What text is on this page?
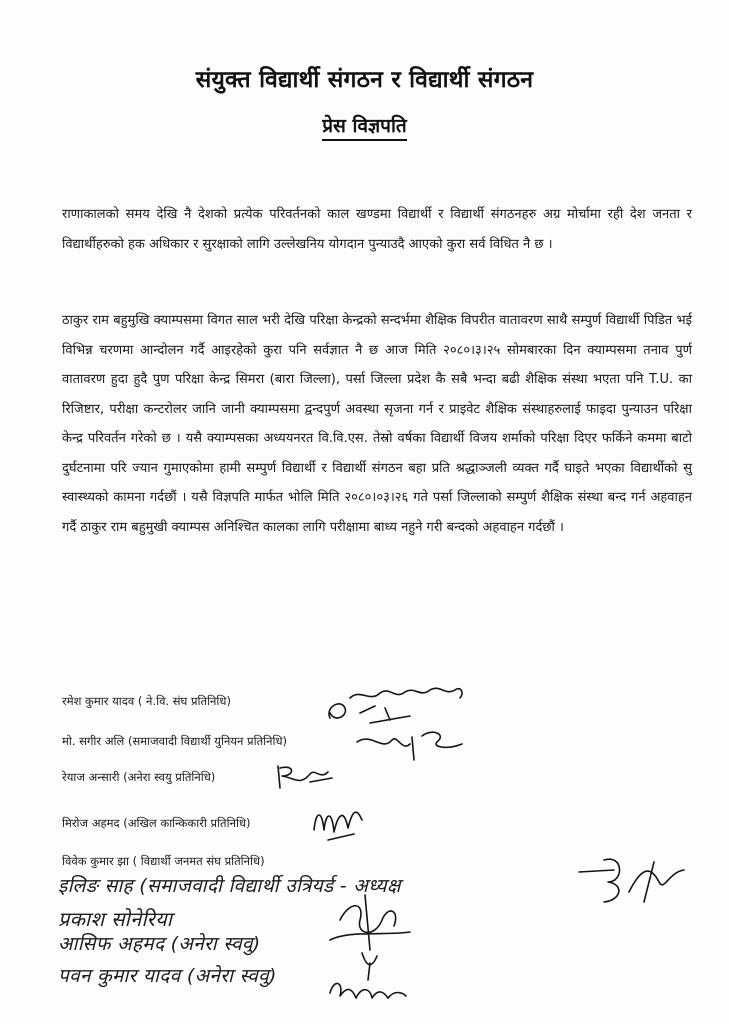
संयुक्त विद्यार्थी संगठन र विद्यार्थी संगठन
प्रेस विज्ञपति
राणाकालको समय देखि नै देशको प्रत्येक परिवर्तनको काल खण्डमा विद्यार्थी र विद्यार्थी संगठनहरु अग्र मोर्चामा रही देश जनता र विद्यार्थीहरुको हक अधिकार र सुरक्षाको लागि उल्लेखनिय योगदान पुन्याउदै आएको कुरा सर्व विधित नै छ ।
ठाकुर राम बहुमुखि क्याम्पसमा विगत साल भरी देखि परिक्षा केन्द्रको सन्दर्भमा शैक्षिक विपरीत वातावरण साथै सम्पुर्ण विद्यार्थी पिडित भई विभिन्न चरणमा आन्दोलन गर्दै आइरहेको कुरा पनि सर्वज्ञात नै छ आज मिति २०८०।३।२५ सोमबारका दिन क्याम्पसमा तनाव पुर्ण वातावरण हुदा हुदै पुण परिक्षा केन्द्र सिमरा (बारा जिल्ला), पर्सा जिल्ला प्रदेश कै सबै भन्दा बढी शैक्षिक संस्था भएता पनि T.U. का रिजिष्टार, परीक्षा कन्टरोलर जानि जानी क्याम्पसमा द्वन्दपुर्ण अवस्था सृजना गर्न र प्राइवेट शैक्षिक संस्थाहरुलाई फाइदा पुन्याउन परिक्षा केन्द्र परिवर्तन गरेको छ । यसै क्याम्पसका अध्ययनरत वि.वि.एस. तेस्रो वर्षका विद्यार्थी विजय शर्माको परिक्षा दिएर फर्किने कममा बाटो दुर्घटनामा परि ज्यान गुमाएकोमा हामी सम्पुर्ण विद्यार्थी र विद्यार्थी संगठन बहा प्रति श्रद्धाञ्जली व्यक्त गर्दै घाइते भएका विद्यार्थीको सु स्वास्थ्यको कामना गर्दछौं । यसै विज्ञपति मार्फत भोलि मिति २०८०।०३।२६ गते पर्सा जिल्लाको सम्पुर्ण शैक्षिक संस्था बन्द गर्न अहवाहन गर्दै ठाकुर राम बहुमुखी क्याम्पस अनिश्चित कालका लागि परीक्षामा बाध्य नहुने गरी बन्दको अहवाहन गर्दछौं ।
रमेश कुमार यादव ( ने.वि. संघ प्रतिनिधि)
मो. सगीर अलि (समाजवादी विद्यार्थी युनियन प्रतिनिधि)
रेयाज अन्सारी (अनेरा स्वयु प्रतिनिधि)
मिरोज अहमद (अखिल कान्किकारी प्रतिनिधि)
विवेक कुमार झा ( विद्यार्थी जनमत संघ प्रतिनिधि)
इलिङ साह (समाजवादी विद्यार्थी उत्रियर्ड - अध्यक्ष
प्रकाश सोनेरिया
आसिफ अहमद (अनेरा स्ववु)
पवन कुमार यादव (अनेरा स्ववु)
